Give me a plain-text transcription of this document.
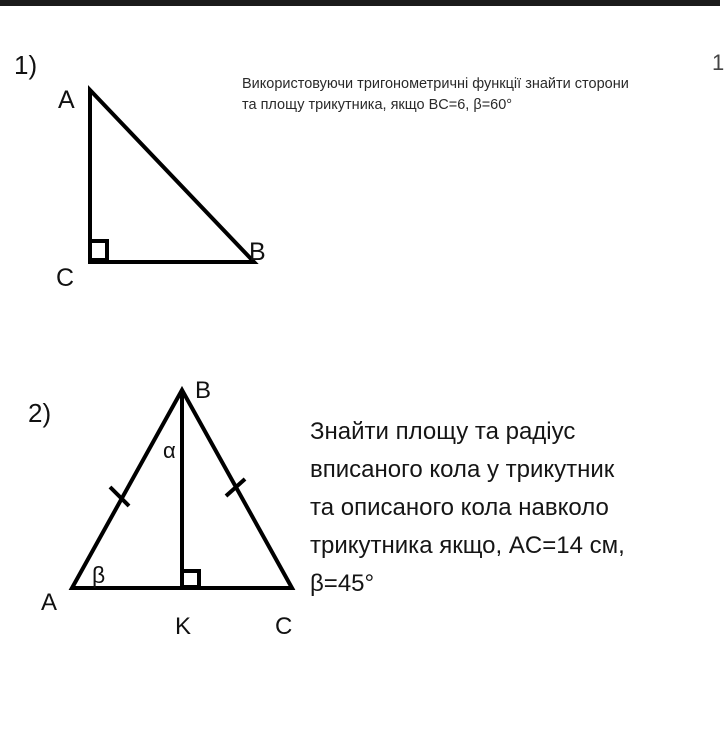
1
1)
Використовуючи тригонометричні функції знайти сторони
та площу трикутника, якщо BC=6, β=60°
A
B
C
B
A
C
K
α
β
2)
Знайти площу та радіус
вписаного кола у трикутник
та описаного кола навколо
трикутника якщо, AC=14 см,
β=45°
